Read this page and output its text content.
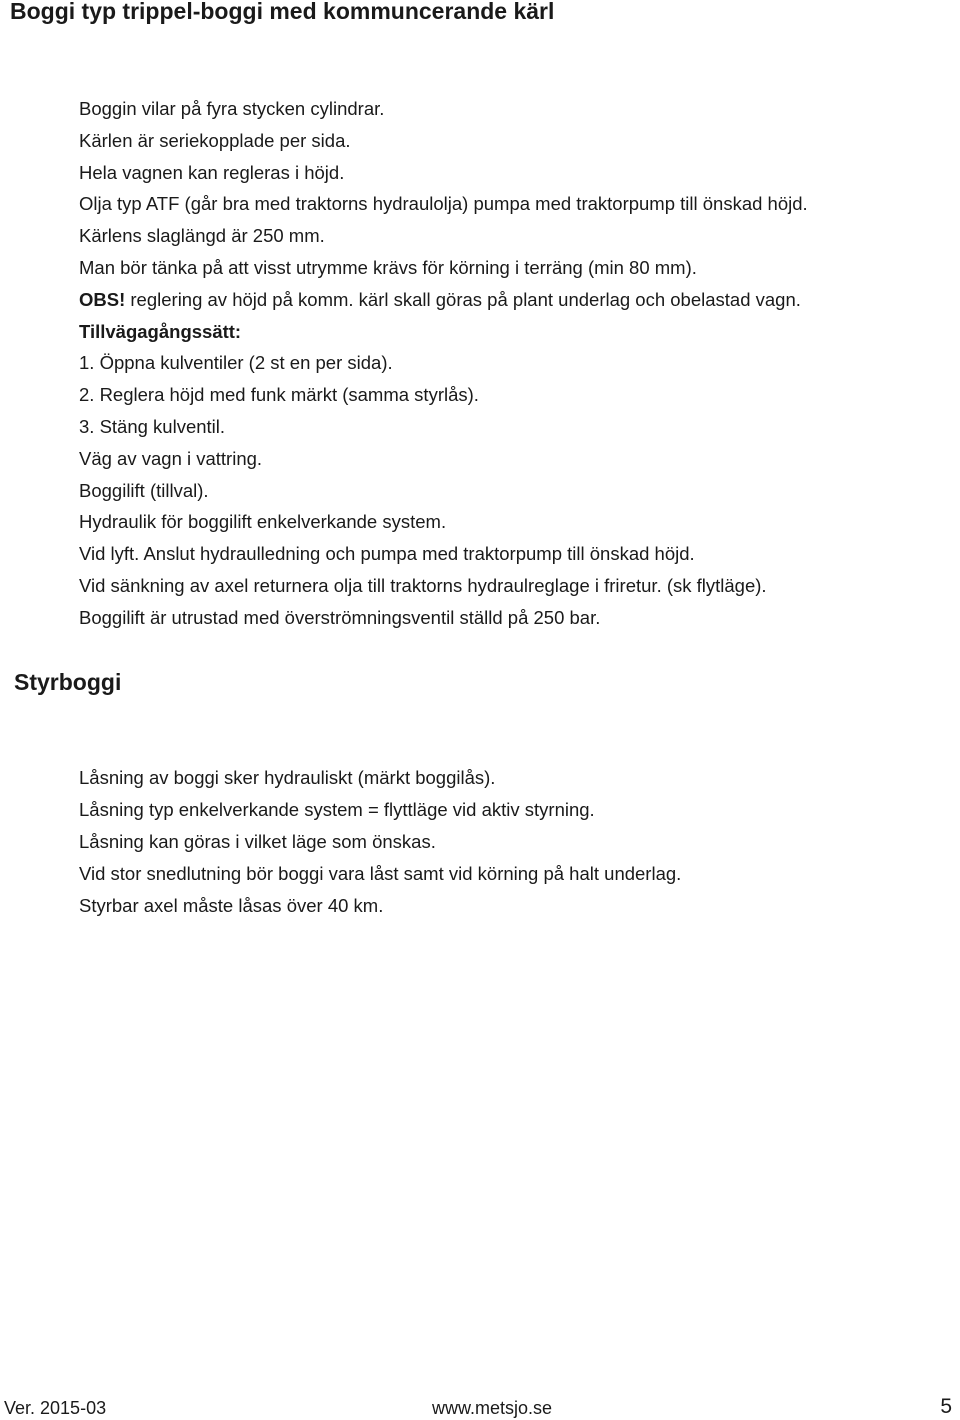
Boggi typ trippel-boggi med kommuncerande kärl
Boggin vilar på fyra stycken cylindrar.
Kärlen är seriekopplade per sida.
Hela vagnen kan regleras i höjd.
Olja typ ATF (går bra med traktorns hydraulolja) pumpa med traktorpump till önskad höjd.
Kärlens slaglängd är 250 mm.
Man bör tänka på att visst utrymme krävs för körning i terräng (min 80 mm).
OBS! reglering av höjd på komm. kärl skall göras på plant underlag och obelastad vagn.
Tillvägagångssätt:
1. Öppna kulventiler (2 st en per sida).
2. Reglera höjd med funk märkt (samma styrlås).
3. Stäng kulventil.
Väg av vagn i vattring.
Boggilift (tillval).
Hydraulik för boggilift enkelverkande system.
Vid lyft. Anslut hydraulledning och pumpa med traktorpump till önskad höjd.
Vid sänkning av axel returnera olja till traktorns hydraulreglage i friretur. (sk flytläge).
Boggilift är utrustad med överströmningsventil ställd på 250 bar.
Styrboggi
Låsning av boggi sker hydrauliskt (märkt boggilås).
Låsning typ enkelverkande system = flyttläge vid aktiv styrning.
Låsning kan göras i vilket läge som önskas.
Vid stor snedlutning bör boggi vara låst samt vid körning på halt underlag.
Styrbar axel måste låsas över 40 km.
Ver. 2015-03	www.metsjo.se	5
